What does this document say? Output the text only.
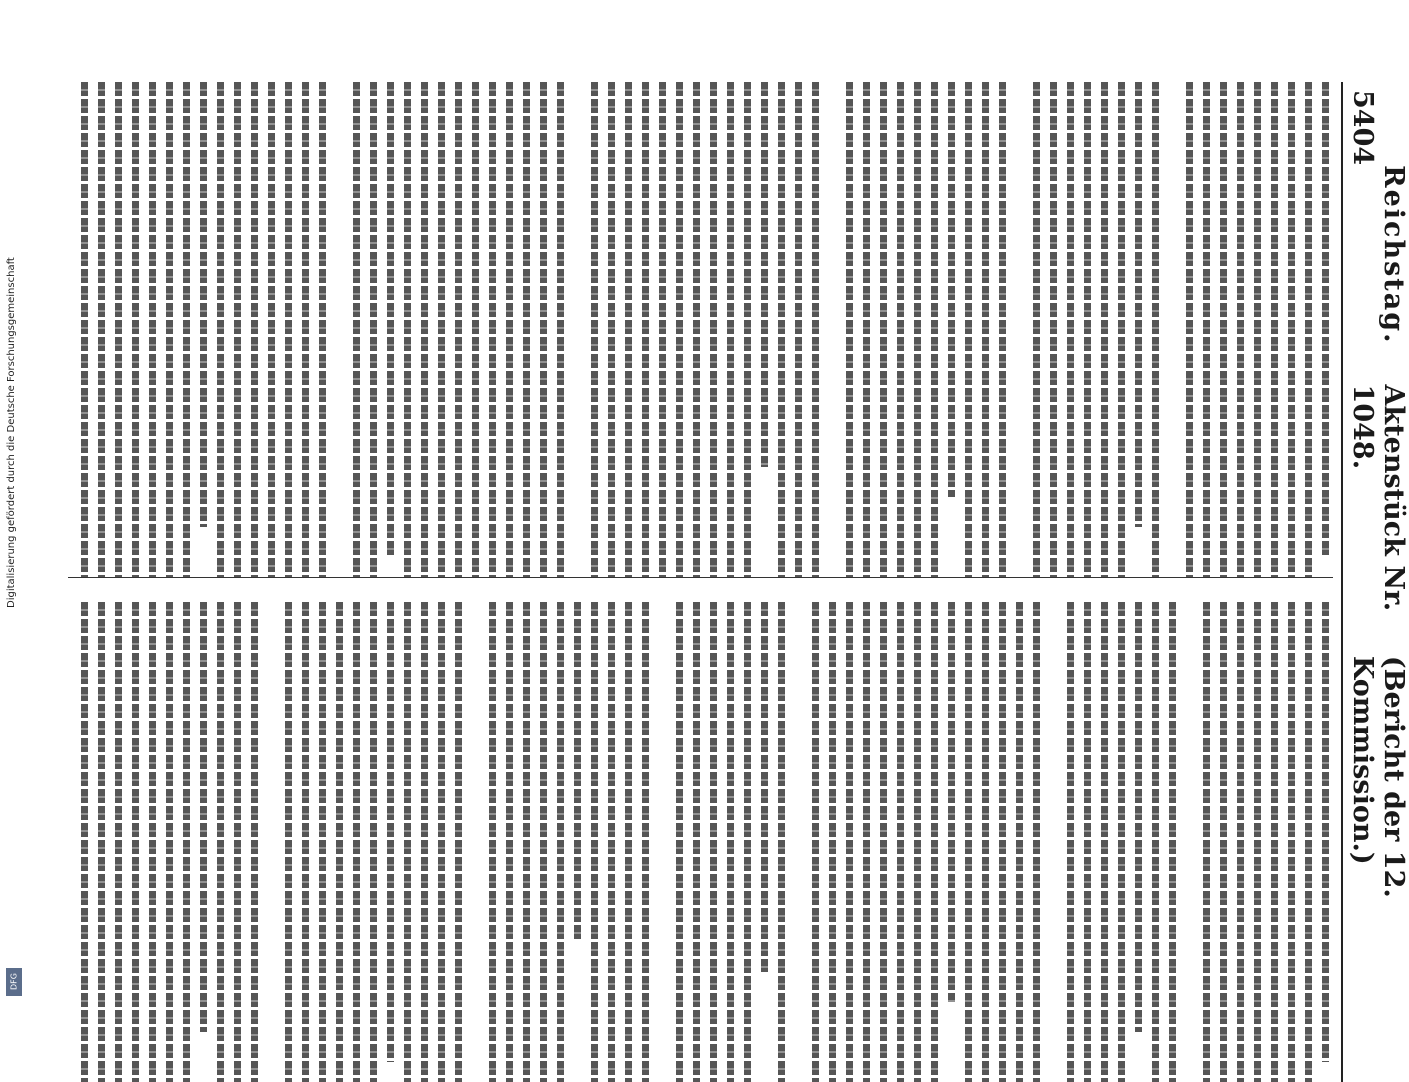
5404
Reichstag.
Aktenstück Nr. 1048.
(Bericht der 12. Kommission.)
Digitalisierung gefördert durch die Deutsche Forschungsgemeinschaft
DFG
